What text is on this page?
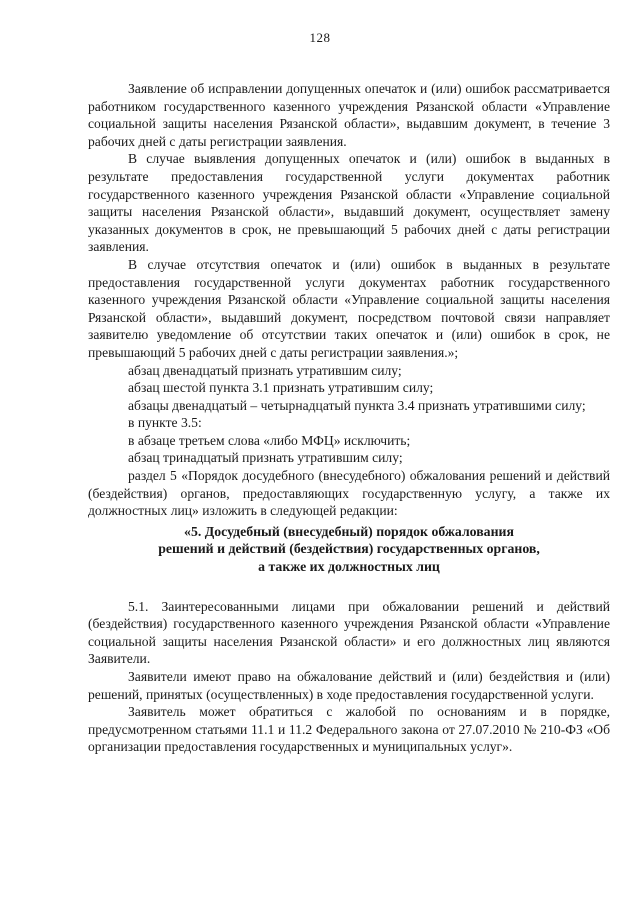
128

Заявление об исправлении допущенных опечаток и (или) ошибок рассматривается работником государственного казенного учреждения Рязанской области «Управление социальной защиты населения Рязанской области», выдавшим документ, в течение 3 рабочих дней с даты регистрации заявления.

В случае выявления допущенных опечаток и (или) ошибок в выданных в результате предоставления государственной услуги документах работник государственного казенного учреждения Рязанской области «Управление социальной защиты населения Рязанской области», выдавший документ, осуществляет замену указанных документов в срок, не превышающий 5 рабочих дней с даты регистрации заявления.

В случае отсутствия опечаток и (или) ошибок в выданных в результате предоставления государственной услуги документах работник государственного казенного учреждения Рязанской области «Управление социальной защиты населения Рязанской области», выдавший документ, посредством почтовой связи направляет заявителю уведомление об отсутствии таких опечаток и (или) ошибок в срок, не превышающий 5 рабочих дней с даты регистрации заявления.»;

абзац двенадцатый признать утратившим силу;

абзац шестой пункта 3.1 признать утратившим силу;

абзацы двенадцатый – четырнадцатый пункта 3.4 признать утратившими силу;

в пункте 3.5:

в абзаце третьем слова «либо МФЦ» исключить;

абзац тринадцатый признать утратившим силу;

раздел 5 «Порядок досудебного (внесудебного) обжалования решений и действий (бездействия) органов, предоставляющих государственную услугу, а также их должностных лиц» изложить в следующей редакции:

«5. Досудебный (внесудебный) порядок обжалования
решений и действий (бездействия) государственных органов,
а также их должностных лиц

5.1. Заинтересованными лицами при обжаловании решений и действий (бездействия) государственного казенного учреждения Рязанской области «Управление социальной защиты населения Рязанской области» и его должностных лиц являются Заявители.

Заявители имеют право на обжалование действий и (или) бездействия и (или) решений, принятых (осуществленных) в ходе предоставления государственной услуги.

Заявитель может обратиться с жалобой по основаниям и в порядке, предусмотренном статьями 11.1 и 11.2 Федерального закона от 27.07.2010 № 210-ФЗ «Об организации предоставления государственных и муниципальных услуг».
